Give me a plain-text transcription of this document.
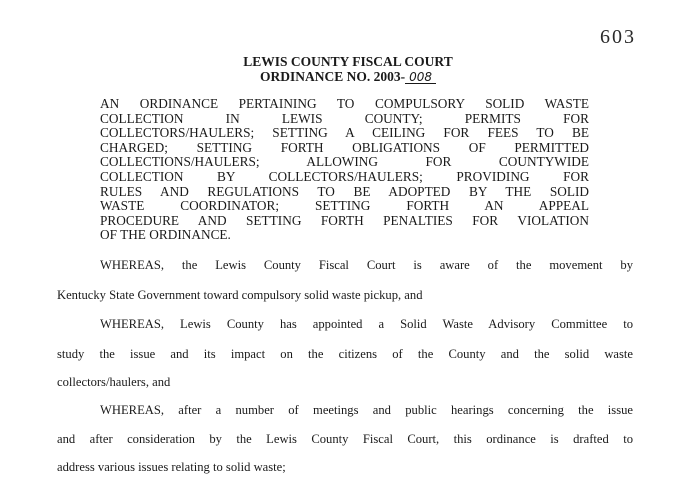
603
LEWIS COUNTY FISCAL COURT
ORDINANCE NO. 2003- 008
AN ORDINANCE PERTAINING TO COMPULSORY SOLID WASTE
COLLECTION IN LEWIS COUNTY; PERMITS FOR
COLLECTORS/HAULERS; SETTING A CEILING FOR FEES TO BE
CHARGED; SETTING FORTH OBLIGATIONS OF PERMITTED
COLLECTIONS/HAULERS; ALLOWING FOR COUNTYWIDE
COLLECTION BY COLLECTORS/HAULERS; PROVIDING FOR
RULES AND REGULATIONS TO BE ADOPTED BY THE SOLID
WASTE COORDINATOR; SETTING FORTH AN APPEAL
PROCEDURE AND SETTING FORTH PENALTIES FOR VIOLATION
OF THE ORDINANCE.
WHEREAS, the Lewis County Fiscal Court is aware of the movement by
Kentucky State Government toward compulsory solid waste pickup, and
WHEREAS, Lewis County has appointed a Solid Waste Advisory Committee to
study the issue and its impact on the citizens of the County and the solid waste
collectors/haulers, and
WHEREAS, after a number of meetings and public hearings concerning the issue
and after consideration by the Lewis County Fiscal Court, this ordinance is drafted to
address various issues relating to solid waste;
